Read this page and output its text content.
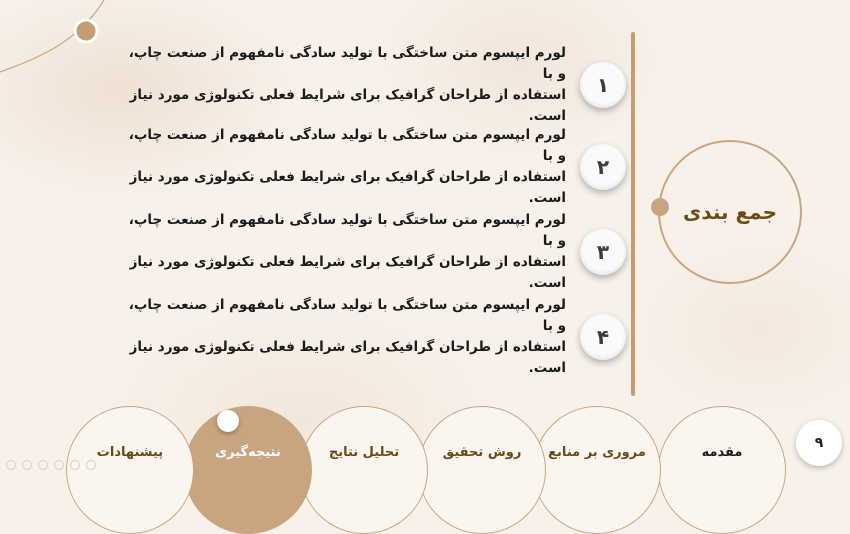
جمع بندی
لورم ایپسوم متن ساختگی با تولید سادگی نامفهوم از صنعت چاپ، و با
استفاده از طراحان گرافیک برای شرایط فعلی تکنولوژی مورد نیاز است.
۱
لورم ایپسوم متن ساختگی با تولید سادگی نامفهوم از صنعت چاپ، و با
استفاده از طراحان گرافیک برای شرایط فعلی تکنولوژی مورد نیاز است.
۲
لورم ایپسوم متن ساختگی با تولید سادگی نامفهوم از صنعت چاپ، و با
استفاده از طراحان گرافیک برای شرایط فعلی تکنولوژی مورد نیاز است.
۳
لورم ایپسوم متن ساختگی با تولید سادگی نامفهوم از صنعت چاپ، و با
استفاده از طراحان گرافیک برای شرایط فعلی تکنولوژی مورد نیاز است.
۴
مقدمه
مروری بر منابع
روش تحقیق
تحلیل نتایج
نتیجه‌گیری
پیشنهادات
۹
